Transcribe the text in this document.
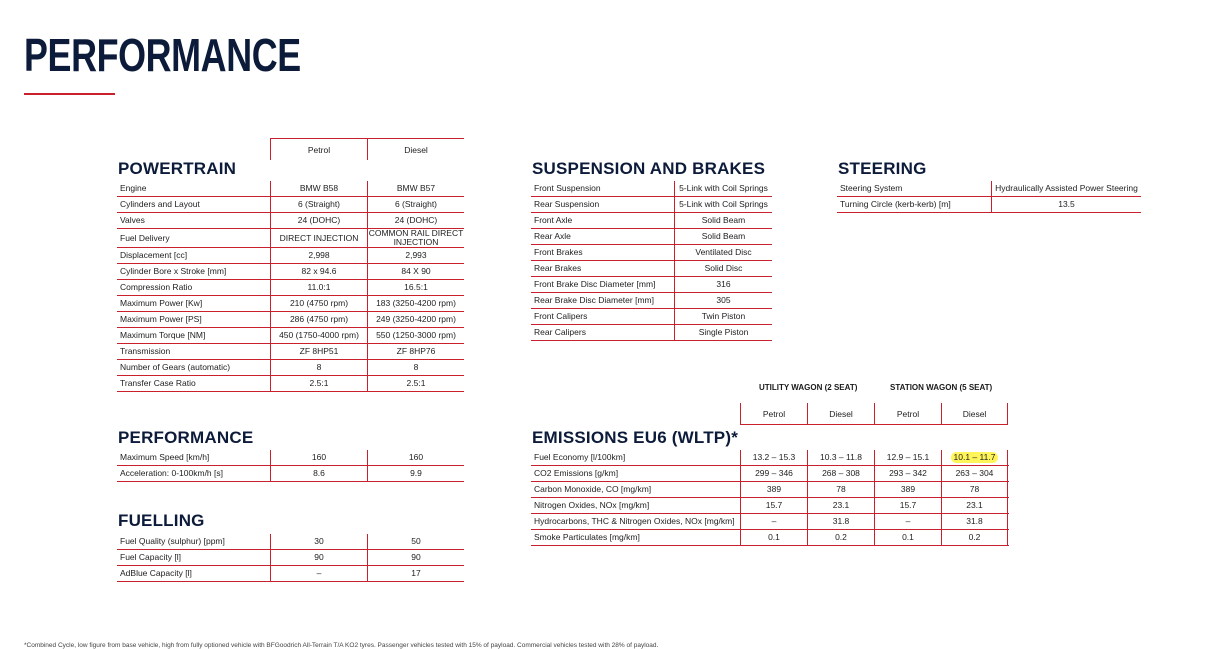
PERFORMANCE
Petrol	Diesel
POWERTRAIN
Engine	BMW B58	BMW B57
Cylinders and Layout	6 (Straight)	6 (Straight)
Valves	24 (DOHC)	24 (DOHC)
Fuel Delivery	DIRECT INJECTION	COMMON RAIL DIRECT INJECTION
Displacement [cc]	2,998	2,993
Cylinder Bore x Stroke [mm]	82 x 94.6	84 X 90
Compression Ratio	11.0:1	16.5:1
Maximum Power [Kw]	210 (4750 rpm)	183 (3250-4200 rpm)
Maximum Power [PS]	286 (4750 rpm)	249 (3250-4200 rpm)
Maximum Torque [NM]	450 (1750-4000 rpm)	550 (1250-3000 rpm)
Transmission	ZF 8HP51	ZF 8HP76
Number of Gears (automatic)	8	8
Transfer Case Ratio	2.5:1	2.5:1
PERFORMANCE
Maximum Speed [km/h]	160	160
Acceleration: 0-100km/h [s]	8.6	9.9
FUELLING
Fuel Quality (sulphur) [ppm]	30	50
Fuel Capacity [l]	90	90
AdBlue Capacity [l]	–	17
SUSPENSION AND BRAKES
Front Suspension	5-Link with Coil Springs
Rear Suspension	5-Link with Coil Springs
Front Axle	Solid Beam
Rear Axle	Solid Beam
Front Brakes	Ventilated Disc
Rear Brakes	Solid Disc
Front Brake Disc Diameter [mm]	316
Rear Brake Disc Diameter [mm]	305
Front Calipers	Twin Piston
Rear Calipers	Single Piston
STEERING
Steering System	Hydraulically Assisted Power Steering
Turning Circle (kerb-kerb) [m]	13.5
UTILITY WAGON (2 SEAT)	STATION WAGON (5 SEAT)
Petrol	Diesel	Petrol	Diesel
EMISSIONS EU6 (WLTP)*
Fuel Economy [l/100km]	13.2 – 15.3	10.3 – 11.8	12.9 – 15.1	10.1 – 11.7
CO2 Emissions [g/km]	299 – 346	268 – 308	293 – 342	263 – 304
Carbon Monoxide, CO [mg/km]	389	78	389	78
Nitrogen Oxides, NOx [mg/km]	15.7	23.1	15.7	23.1
Hydrocarbons, THC & Nitrogen Oxides, NOx [mg/km]	–	31.8	–	31.8
Smoke Particulates [mg/km]	0.1	0.2	0.1	0.2
*Combined Cycle, low figure from base vehicle, high from fully optioned vehicle with BFGoodrich All-Terrain T/A KO2 tyres. Passenger vehicles tested with 15% of payload. Commercial vehicles tested with 28% of payload.
